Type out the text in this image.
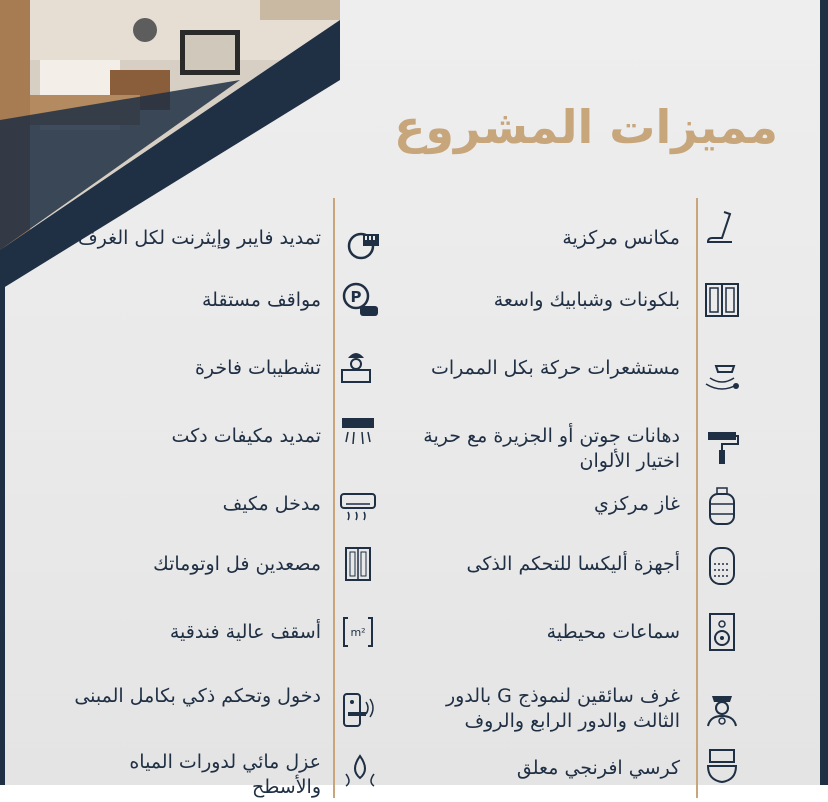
مميزات المشروع
مكانس مركزية
بلكونات وشبابيك واسعة
مستشعرات حركة بكل الممرات
دهانات جوتن أو الجزيرة مع حرية اختيار الألوان
غاز مركزي
أجهزة أليكسا للتحكم الذكى
سماعات محيطية
غرف سائقين لنموذج G بالدور الثالث والدور الرابع والروف
كرسي افرنجي معلق
تمديد فايبر وإيثرنت لكل الغرف
مواقف مستقلة P
تشطيبات فاخرة
تمديد مكيفات دكت
مدخل مكيف
مصعدين فل اوتوماتك
أسقف عالية فندقية	m²
دخول وتحكم ذكي بكامل المبنى
عزل مائي لدورات المياه والأسطح
